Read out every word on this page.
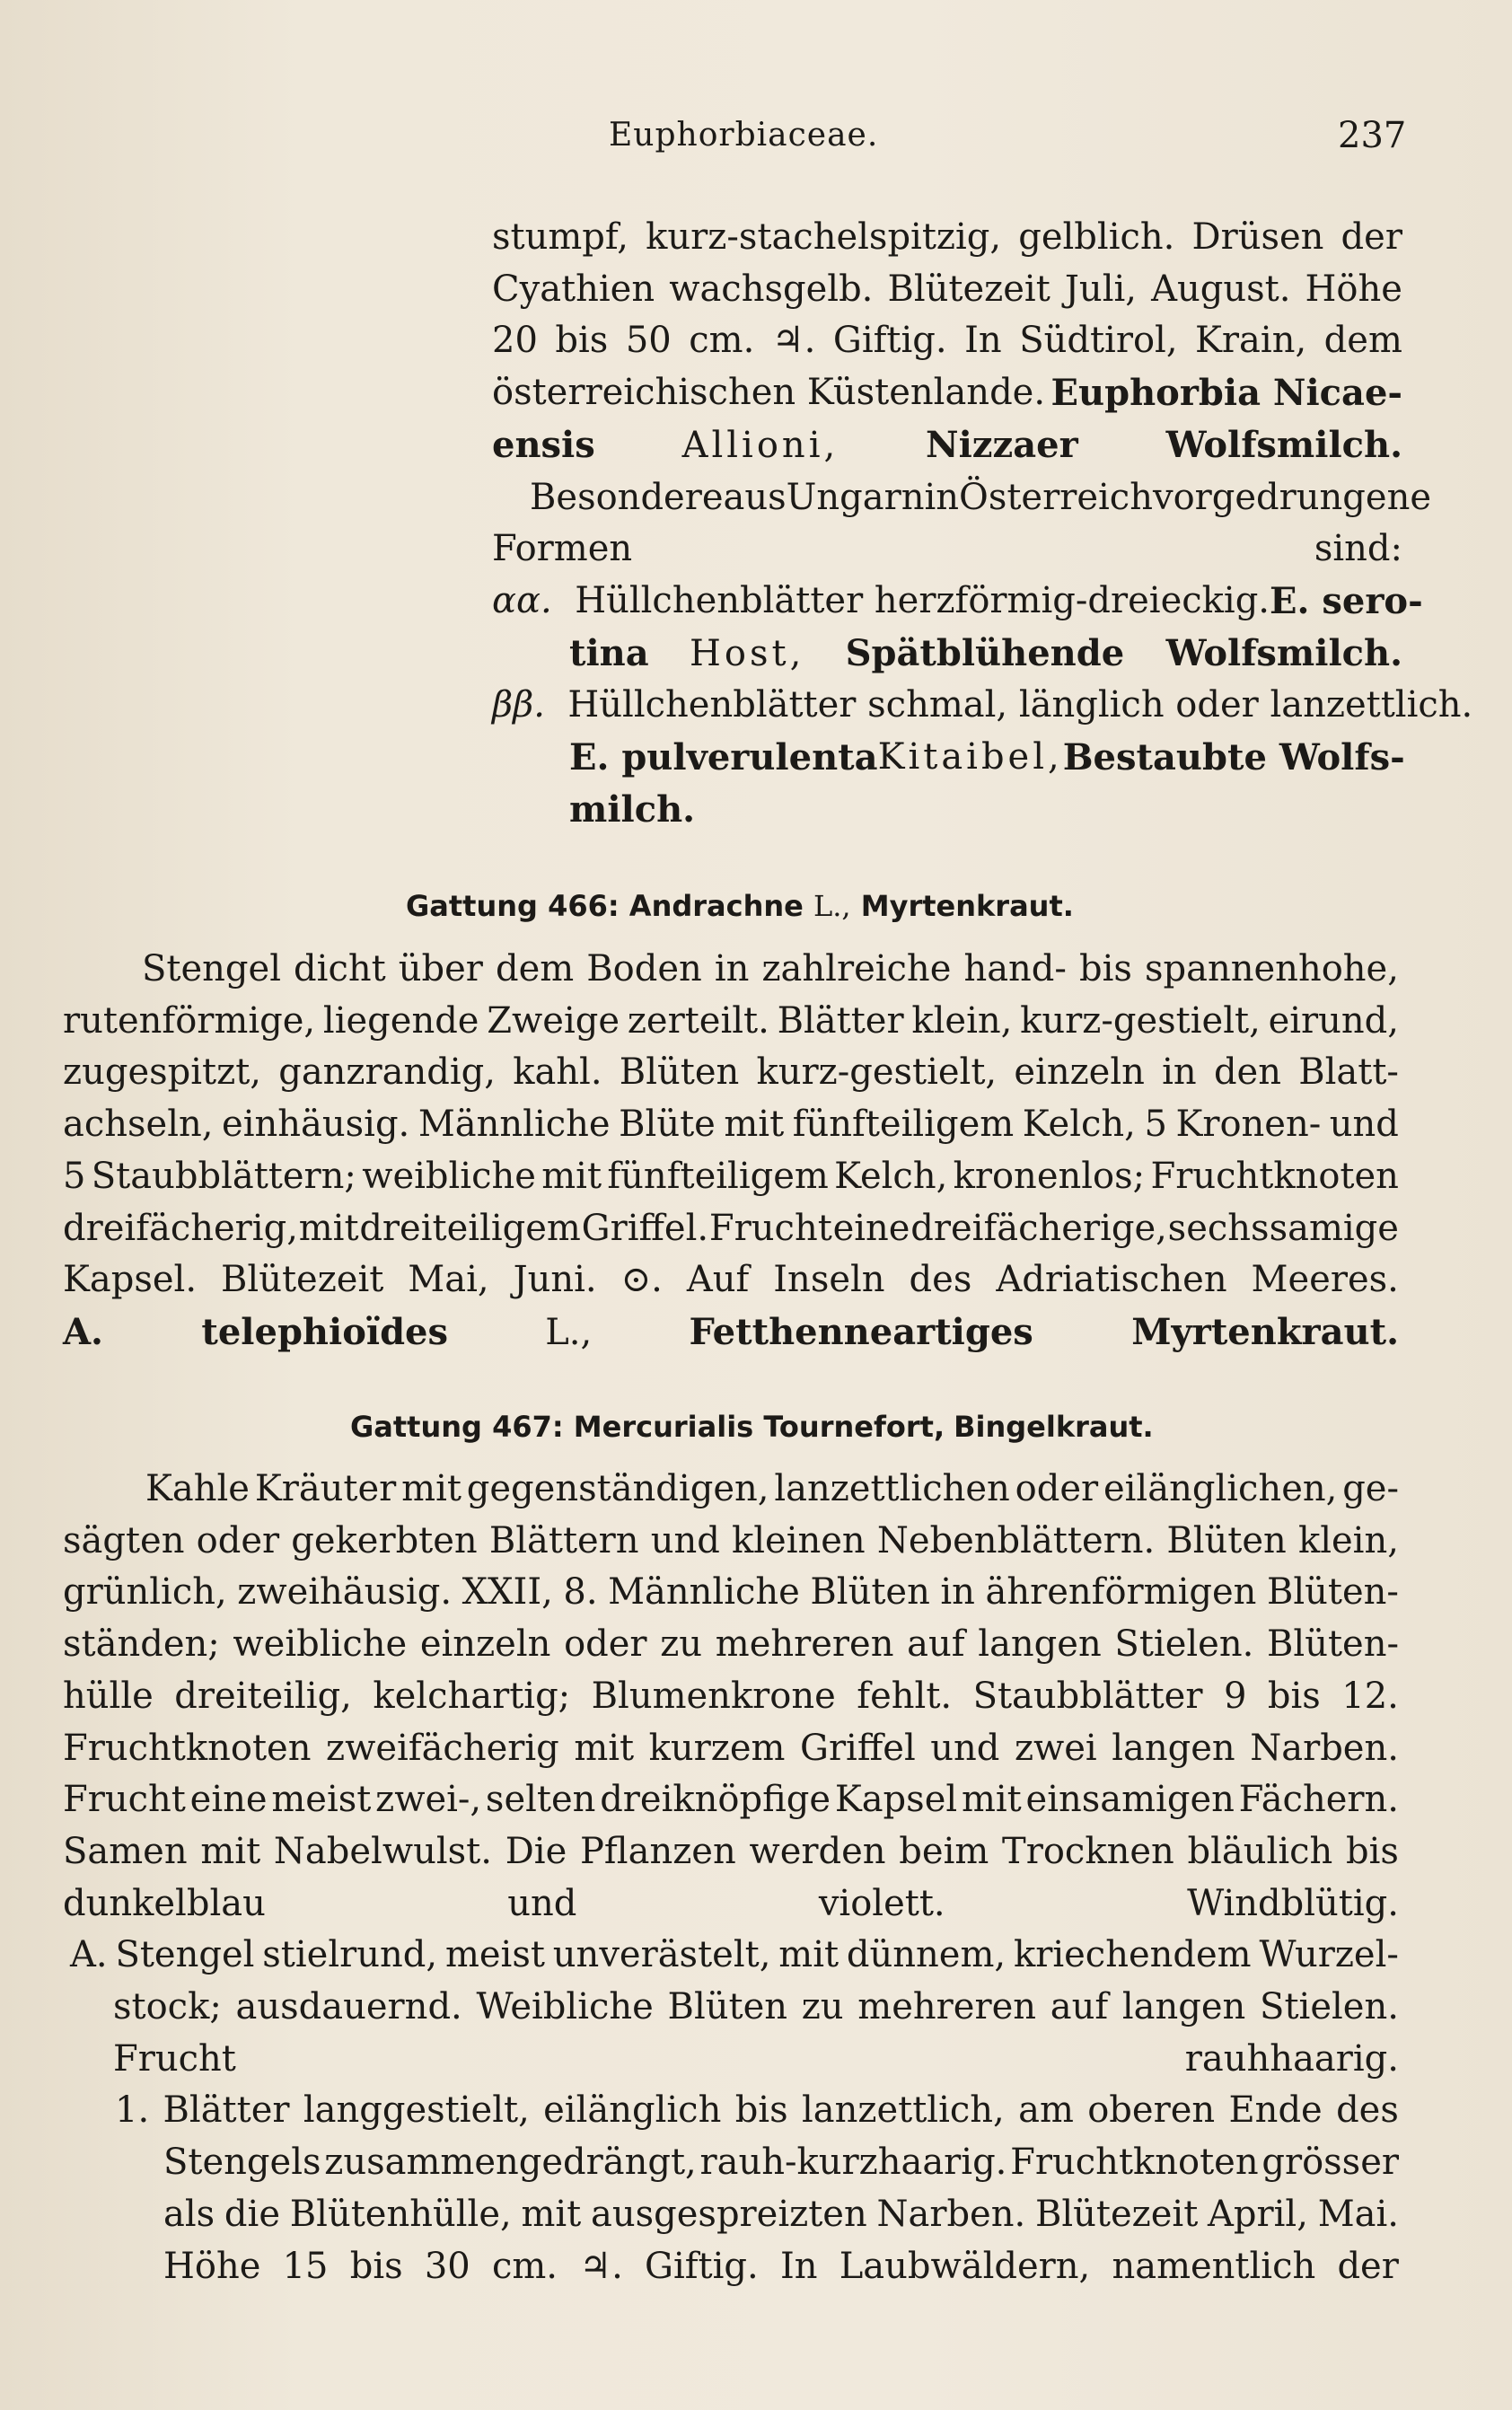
Euphorbiaceae.	237
stumpf, kurz-stachelspitzig, gelblich. Drüsen der
Cyathien wachsgelb. Blütezeit Juli, August. Höhe
20 bis 50 cm. ♃. Giftig. In Südtirol, Krain, dem
österreichischen Küstenlande. Euphorbia Nicae-
ensis Allioni, Nizzaer Wolfsmilch.
Besondere aus Ungarn in Österreich vorgedrungene
Formen sind:
αα. Hüllchenblätter herzförmig-dreieckig. E. sero-
tina Host, Spätblühende Wolfsmilch.
ββ. Hüllchenblätter schmal, länglich oder lanzettlich.
E. pulverulenta Kitaibel, Bestaubte Wolfs-
milch.
Gattung 466: Andrachne L., Myrtenkraut.
Stengel dicht über dem Boden in zahlreiche hand- bis spannenhohe,
rutenförmige, liegende Zweige zerteilt. Blätter klein, kurz-gestielt, eirund,
zugespitzt, ganzrandig, kahl. Blüten kurz-gestielt, einzeln in den Blatt-
achseln, einhäusig. Männliche Blüte mit fünfteiligem Kelch, 5 Kronen- und
5 Staubblättern; weibliche mit fünfteiligem Kelch, kronenlos; Fruchtknoten
dreifächerig, mit dreiteiligem Griffel. Frucht eine dreifächerige, sechssamige
Kapsel. Blütezeit Mai, Juni. ⊙. Auf Inseln des Adriatischen Meeres.
A. telephioïdes	L.,	Fetthenneartiges Myrtenkraut.
Gattung 467: Mercurialis Tournefort, Bingelkraut.
Kahle Kräuter mit gegenständigen, lanzettlichen oder eilänglichen, ge-
sägten oder gekerbten Blättern und kleinen Nebenblättern. Blüten klein,
grünlich, zweihäusig. XXII, 8. Männliche Blüten in ährenförmigen Blüten-
ständen; weibliche einzeln oder zu mehreren auf langen Stielen. Blüten-
hülle dreiteilig, kelchartig; Blumenkrone fehlt. Staubblätter 9 bis 12.
Fruchtknoten zweifächerig mit kurzem Griffel und zwei langen Narben.
Frucht eine meist zwei-, selten dreiknöpfige Kapsel mit einsamigen Fächern.
Samen mit Nabelwulst. Die Pflanzen werden beim Trocknen bläulich bis
dunkelblau und violett. Windblütig.
A. Stengel stielrund, meist unverästelt, mit dünnem, kriechendem Wurzel-
stock; ausdauernd. Weibliche Blüten zu mehreren auf langen Stielen.
Frucht rauhhaarig.
1. Blätter langgestielt, eilänglich bis lanzettlich, am oberen Ende des
Stengels zusammengedrängt, rauh-kurzhaarig. Fruchtknoten grösser
als die Blütenhülle, mit ausgespreizten Narben. Blütezeit April, Mai.
Höhe 15 bis 30 cm. ♃. Giftig. In Laubwäldern, namentlich der
